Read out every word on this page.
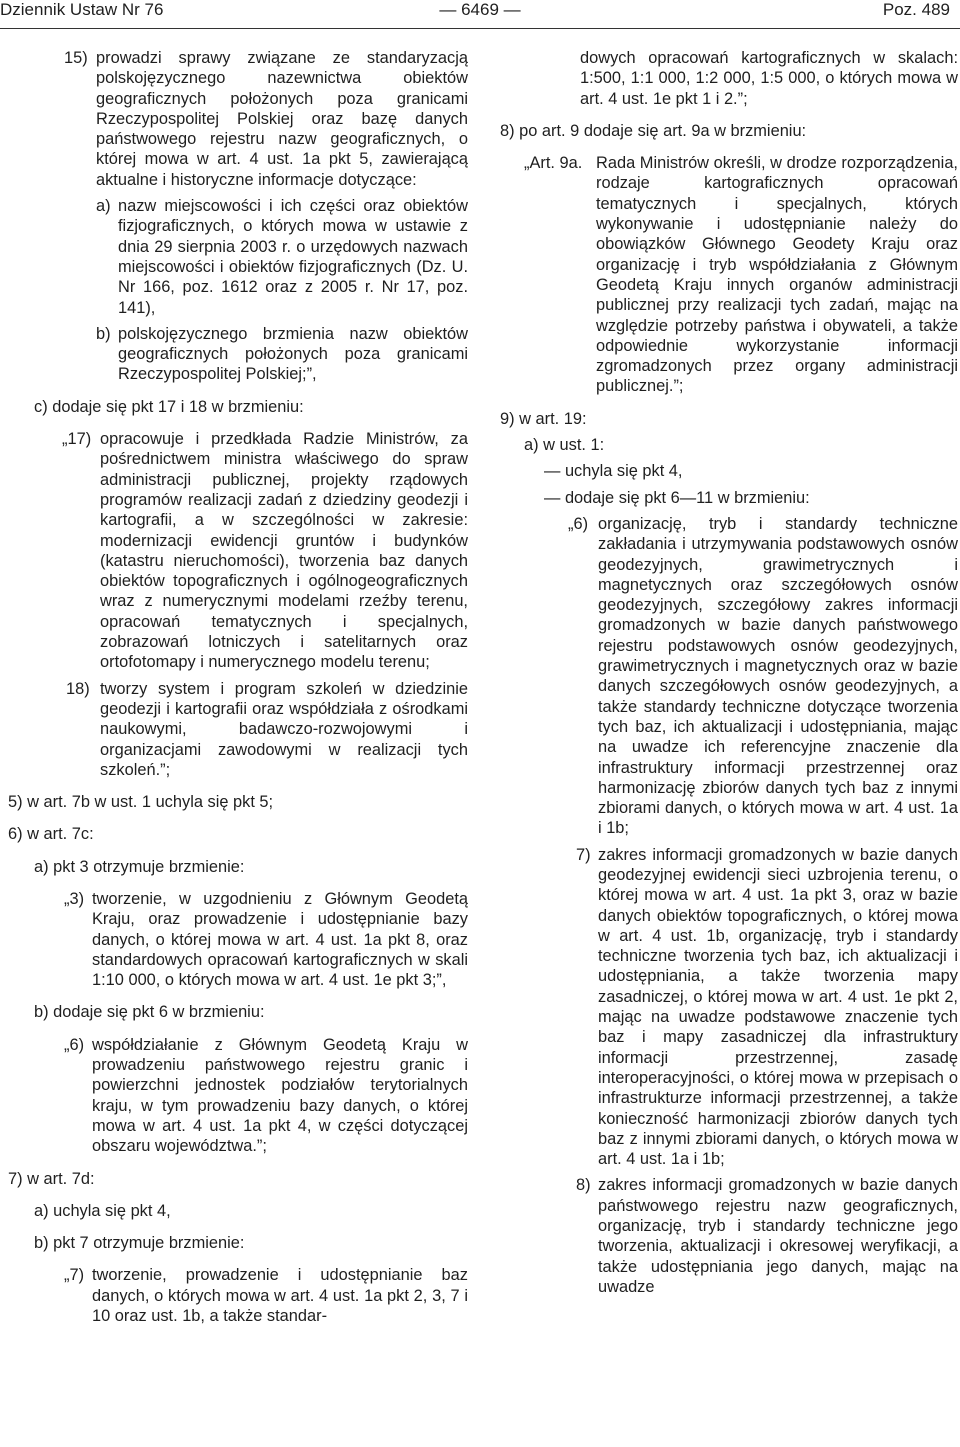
Dziennik Ustaw Nr 76	— 6469 —	Poz. 489
15) prowadzi sprawy związane ze standaryzacją polskojęzycznego nazewnictwa obiektów geograficznych położonych poza granicami Rzeczypospolitej Polskiej oraz bazę danych państwowego rejestru nazw geograficznych, o której mowa w art. 4 ust. 1a pkt 5, zawierającą aktualne i historyczne informacje dotyczące:
a) nazw miejscowości i ich części oraz obiektów fizjograficznych, o których mowa w ustawie z dnia 29 sierpnia 2003 r. o urzędowych nazwach miejscowości i obiektów fizjograficznych (Dz. U. Nr 166, poz. 1612 oraz z 2005 r. Nr 17, poz. 141),
b) polskojęzycznego brzmienia nazw obiektów geograficznych położonych poza granicami Rzeczypospolitej Polskiej;”,
c) dodaje się pkt 17 i 18 w brzmieniu:
„17) opracowuje i przedkłada Radzie Ministrów, za pośrednictwem ministra właściwego do spraw administracji publicznej, projekty rządowych programów realizacji zadań z dziedziny geodezji i kartografii, a w szczególności w zakresie: modernizacji ewidencji gruntów i budynków (katastru nieruchomości), tworzenia baz danych obiektów topograficznych i ogólnogeograficznych wraz z numerycznymi modelami rzeźby terenu, opracowań tematycznych i specjalnych, zobrazowań lotniczych i satelitarnych oraz ortofotomapy i numerycznego modelu terenu;
18) tworzy system i program szkoleń w dziedzinie geodezji i kartografii oraz współdziała z ośrodkami naukowymi, badawczo-rozwojowymi i organizacjami zawodowymi w realizacji tych szkoleń.”;
5) w art. 7b w ust. 1 uchyla się pkt 5;
6) w art. 7c:
a) pkt 3 otrzymuje brzmienie:
„3) tworzenie, w uzgodnieniu z Głównym Geodetą Kraju, oraz prowadzenie i udostępnianie bazy danych, o której mowa w art. 4 ust. 1a pkt 8, oraz standardowych opracowań kartograficznych w skali 1:10 000, o których mowa w art. 4 ust. 1e pkt 3;”,
b) dodaje się pkt 6 w brzmieniu:
„6) współdziałanie z Głównym Geodetą Kraju w prowadzeniu państwowego rejestru granic i powierzchni jednostek podziałów terytorialnych kraju, w tym prowadzeniu bazy danych, o której mowa w art. 4 ust. 1a pkt 4, w części dotyczącej obszaru województwa.”;
7) w art. 7d:
a) uchyla się pkt 4,
b) pkt 7 otrzymuje brzmienie:
„7) tworzenie, prowadzenie i udostępnianie baz danych, o których mowa w art. 4 ust. 1a pkt 2, 3, 7 i 10 oraz ust. 1b, a także standar-
dowych opracowań kartograficznych w skalach: 1:500, 1:1 000, 1:2 000, 1:5 000, o których mowa w art. 4 ust. 1e pkt 1 i 2.”;
8) po art. 9 dodaje się art. 9a w brzmieniu:
„Art. 9a. Rada Ministrów określi, w drodze rozporządzenia, rodzaje kartograficznych opracowań tematycznych i specjalnych, których wykonywanie i udostępnianie należy do obowiązków Głównego Geodety Kraju oraz organizację i tryb współdziałania z Głównym Geodetą Kraju innych organów administracji publicznej przy realizacji tych zadań, mając na względzie potrzeby państwa i obywateli, a także odpowiednie wykorzystanie informacji zgromadzonych przez organy administracji publicznej.”;
9) w art. 19:
a) w ust. 1:
— uchyla się pkt 4,
— dodaje się pkt 6—11 w brzmieniu:
„6) organizację, tryb i standardy techniczne zakładania i utrzymywania podstawowych osnów geodezyjnych, grawimetrycznych i magnetycznych oraz szczegółowych osnów geodezyjnych, szczegółowy zakres informacji gromadzonych w bazie danych państwowego rejestru podstawowych osnów geodezyjnych, grawimetrycznych i magnetycznych oraz w bazie danych szczegółowych osnów geodezyjnych, a także standardy techniczne dotyczące tworzenia tych baz, ich aktualizacji i udostępniania, mając na uwadze ich referencyjne znaczenie dla infrastruktury informacji przestrzennej oraz harmonizację zbiorów danych tych baz z innymi zbiorami danych, o których mowa w art. 4 ust. 1a i 1b;
7) zakres informacji gromadzonych w bazie danych geodezyjnej ewidencji sieci uzbrojenia terenu, o której mowa w art. 4 ust. 1a pkt 3, oraz w bazie danych obiektów topograficznych, o której mowa w art. 4 ust. 1b, organizację, tryb i standardy techniczne tworzenia tych baz, ich aktualizacji i udostępniania, a także tworzenia mapy zasadniczej, o której mowa w art. 4 ust. 1e pkt 2, mając na uwadze podstawowe znaczenie tych baz i mapy zasadniczej dla infrastruktury informacji przestrzennej, zasadę interoperacyjności, o której mowa w przepisach o infrastrukturze informacji przestrzennej, a także konieczność harmonizacji zbiorów danych tych baz z innymi zbiorami danych, o których mowa w art. 4 ust. 1a i 1b;
8) zakres informacji gromadzonych w bazie danych państwowego rejestru nazw geograficznych, organizację, tryb i standardy techniczne jego tworzenia, aktualizacji i okresowej weryfikacji, a także udostępniania jego danych, mając na uwadze
